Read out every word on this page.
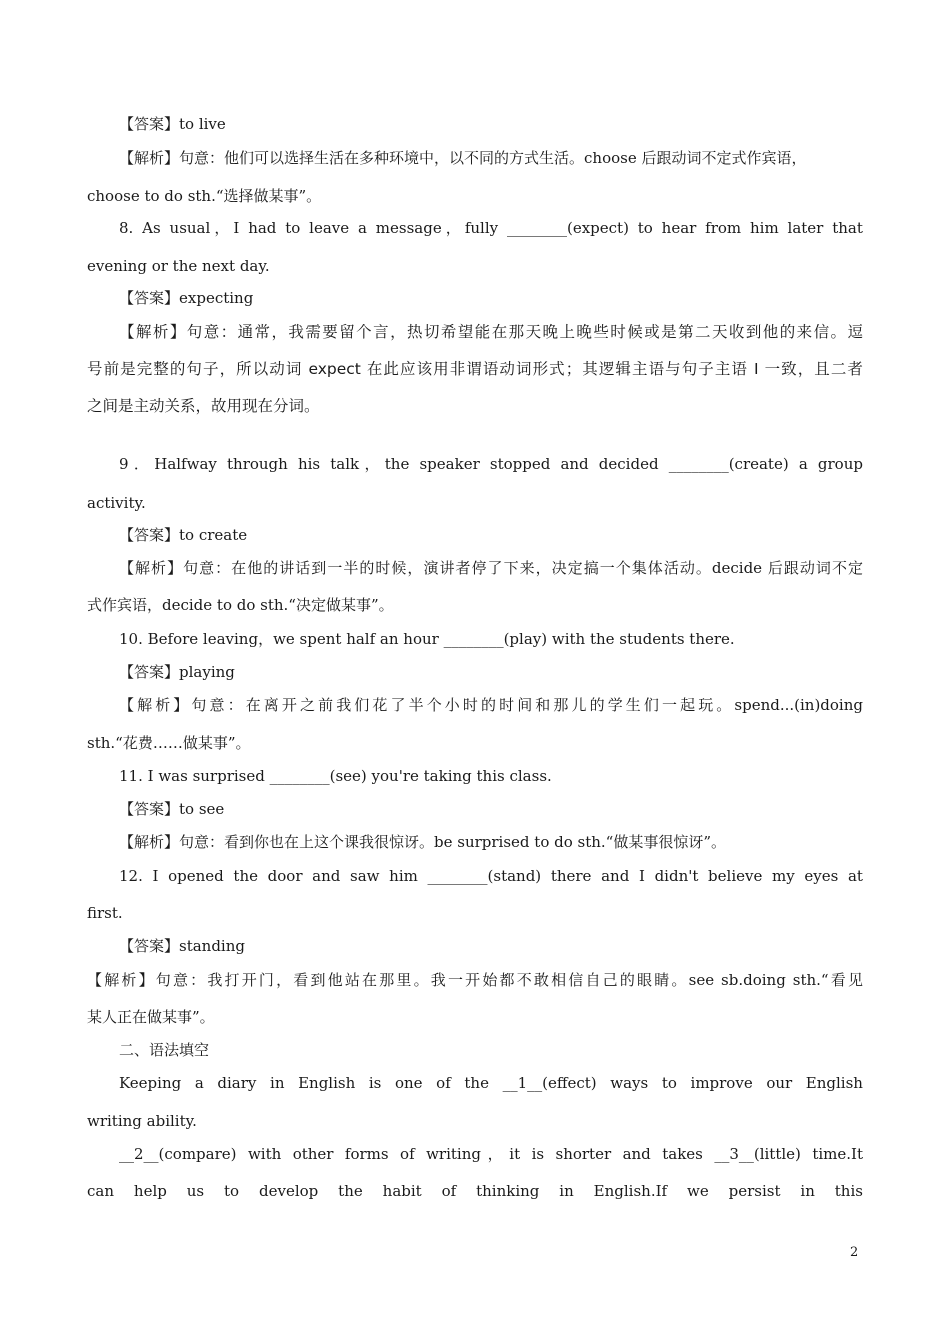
【答案】to live
【解析】句意：他们可以选择生活在多种环境中，以不同的方式生活。choose 后跟动词不定式作宾语，
choose to do sth.“选择做某事”。
8. As usual，I had to leave a message，fully ________(expect) to hear from him later that
evening or the next day.
【答案】expecting
【解析】句意：通常，我需要留个言，热切希望能在那天晚上晚些时候或是第二天收到他的来信。逗
号前是完整的句子，所以动词 expect 在此应该用非谓语动词形式；其逻辑主语与句子主语 I 一致，且二者
之间是主动关系，故用现在分词。
9．Halfway through his talk，the speaker stopped and decided ________(create) a group
activity.
【答案】to create
【解析】句意：在他的讲话到一半的时候，演讲者停了下来，决定搞一个集体活动。decide 后跟动词不定
式作宾语，decide to do sth.“决定做某事”。
10. Before leaving，we spent half an hour ________(play) with the students there.
【答案】playing
【解析】句意：在离开之前我们花了半个小时的时间和那儿的学生们一起玩。spend...(in)doing
sth.“花费……做某事”。
11. I was surprised ________(see) you're taking this class.
【答案】to see
【解析】句意：看到你也在上这个课我很惊讶。be surprised to do sth.“做某事很惊讶”。
12. I opened the door and saw him ________(stand) there and I didn't believe my eyes at
first.
【答案】standing
【解析】句意：我打开门，看到他站在那里。我一开始都不敢相信自己的眼睛。see sb.doing sth.“看见
某人正在做某事”。
二、语法填空
Keeping a diary in English is one of the __1__(effect) ways to improve our English
writing ability.
__2__(compare) with other forms of writing，it is shorter and takes __3__(little) time.It
can help us to develop the habit of thinking in English.If we persist in this
2
